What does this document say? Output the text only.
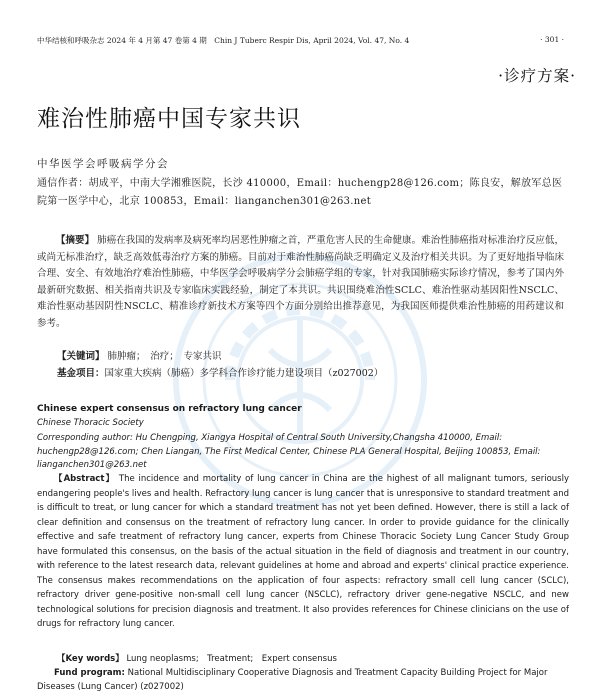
中华结核和呼吸杂志 2024 年 4 月第 47 卷第 4 期　Chin J Tuberc Respir Dis, April 2024, Vol. 47, No. 4	· 301 ·
·诊疗方案·
难治性肺癌中国专家共识
中华医学会呼吸病学分会
通信作者：胡成平，中南大学湘雅医院，长沙 410000，Email：huchengp28@126.com；陈良安，解放军总医院第一医学中心，北京 100853，Email：lianganchen301@263.net
【摘要】 肺癌在我国的发病率及病死率均居恶性肿瘤之首，严重危害人民的生命健康。难治性肺癌指对标准治疗反应低，或尚无标准治疗，缺乏高效低毒治疗方案的肺癌。目前对于难治性肺癌尚缺乏明确定义及治疗相关共识。为了更好地指导临床合理、安全、有效地治疗难治性肺癌，中华医学会呼吸病学分会肺癌学组的专家，针对我国肺癌实际诊疗情况，参考了国内外最新研究数据、相关指南共识及专家临床实践经验，制定了本共识。共识围绕难治性SCLC、难治性驱动基因阳性NSCLC、难治性驱动基因阴性NSCLC、精准诊疗新技术方案等四个方面分别给出推荐意见，为我国医师提供难治性肺癌的用药建议和参考。
【关键词】 肺肿瘤；　治疗；　专家共识
基金项目：国家重大疾病（肺癌）多学科合作诊疗能力建设项目（z027002）
Chinese expert consensus on refractory lung cancer
Chinese Thoracic Society
Corresponding author: Hu Chengping, Xiangya Hospital of Central South University,Changsha 410000, Email: huchengp28@126.com; Chen Liangan, The First Medical Center, Chinese PLA General Hospital, Beijing 100853, Email: lianganchen301@263.net
【Abstract】 The incidence and mortality of lung cancer in China are the highest of all malignant tumors, seriously endangering people's lives and health. Refractory lung cancer is lung cancer that is unresponsive to standard treatment and is difficult to treat, or lung cancer for which a standard treatment has not yet been defined. However, there is still a lack of clear definition and consensus on the treatment of refractory lung cancer. In order to provide guidance for the clinically effective and safe treatment of refractory lung cancer, experts from Chinese Thoracic Society Lung Cancer Study Group have formulated this consensus, on the basis of the actual situation in the field of diagnosis and treatment in our country, with reference to the latest research data, relevant guidelines at home and abroad and experts' clinical practice experience. The consensus makes recommendations on the application of four aspects: refractory small cell lung cancer (SCLC), refractory driver gene-positive non-small cell lung cancer (NSCLC), refractory driver gene-negative NSCLC, and new technological solutions for precision diagnosis and treatment. It also provides references for Chinese clinicians on the use of drugs for refractory lung cancer.
【Key words】 Lung neoplasms;　Treatment;　Expert consensus
Fund program: National Multidisciplinary Cooperative Diagnosis and Treatment Capacity Building Project for Major Diseases (Lung Cancer) (z027002)
